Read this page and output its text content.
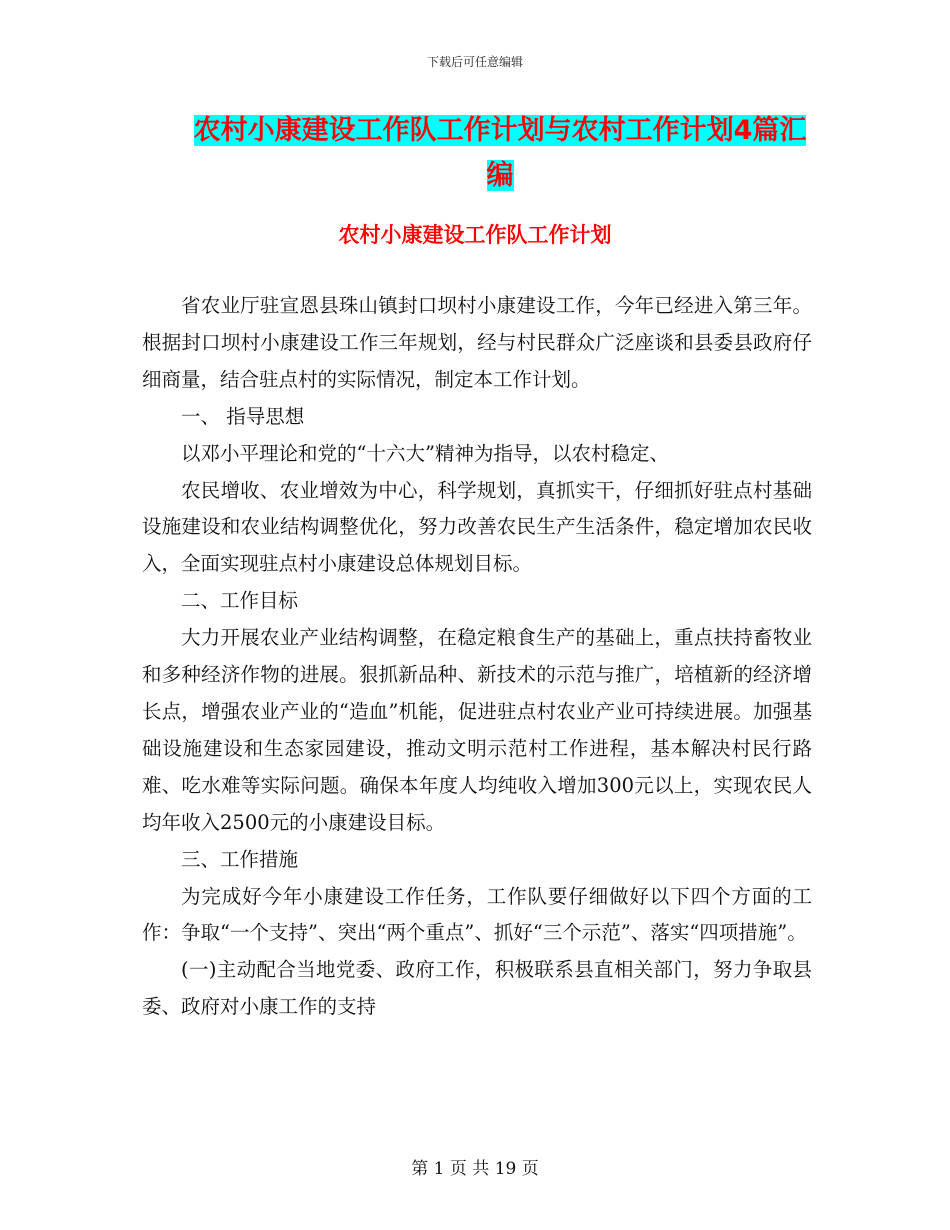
下载后可任意编辑
农村小康建设工作队工作计划与农村工作计划4篇汇编
农村小康建设工作队工作计划

省农业厅驻宣恩县珠山镇封口坝村小康建设工作，今年已经进入第三年。根据封口坝村小康建设工作三年规划，经与村民群众广泛座谈和县委县政府仔细商量，结合驻点村的实际情况，制定本工作计划。

一、 指导思想

以邓小平理论和党的“十六大”精神为指导，以农村稳定、

农民增收、农业增效为中心，科学规划，真抓实干，仔细抓好驻点村基础设施建设和农业结构调整优化，努力改善农民生产生活条件，稳定增加农民收入，全面实现驻点村小康建设总体规划目标。

二、工作目标

大力开展农业产业结构调整，在稳定粮食生产的基础上，重点扶持畜牧业和多种经济作物的进展。狠抓新品种、新技术的示范与推广，培植新的经济增长点，增强农业产业的“造血”机能，促进驻点村农业产业可持续进展。加强基础设施建设和生态家园建设，推动文明示范村工作进程，基本解决村民行路难、吃水难等实际问题。确保本年度人均纯收入增加300元以上，实现农民人均年收入2500元的小康建设目标。

三、工作措施

为完成好今年小康建设工作任务，工作队要仔细做好以下四个方面的工作：争取“一个支持”、突出“两个重点”、抓好“三个示范”、落实“四项措施”。

(一)主动配合当地党委、政府工作，积极联系县直相关部门，努力争取县委、政府对小康工作的支持

第 1 页 共 19 页
